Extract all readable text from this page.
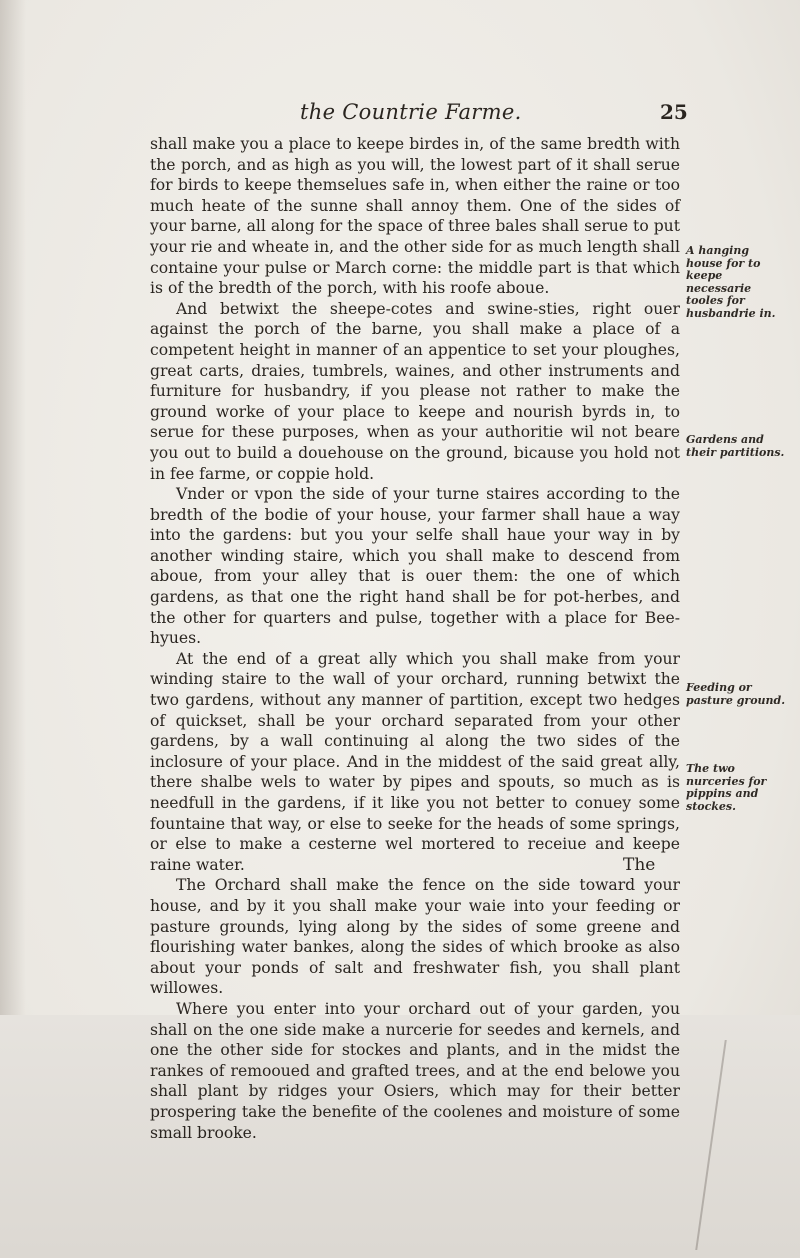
the Countrie Farme.	25

shall make you a place to keepe birdes in, of the same bredth with the porch, and as high as you will, the lowest part of it shall serue for birds to keepe themselues safe in, when either the raine or too much heate of the sunne shall annoy them. One of the sides of your barne, all along for the space of three bales shall serue to put your rie and wheate in, and the other side for as much length shall containe your pulse or March corne: the middle part is that which is of the bredth of the porch, with his roofe aboue.

And betwixt the sheepe-cotes and swine-sties, right ouer against the porch of the barne, you shall make a place of a competent height in manner of an appentice to set your ploughes, great carts, draies, tumbrels, waines, and other instruments and furniture for husbandry, if you please not rather to make the ground worke of your place to keepe and nourish byrds in, to serue for these purposes, when as your authoritie wil not beare you out to build a douehouse on the ground, bicause you hold not in fee farme, or coppie hold.

Vnder or vpon the side of your turne staires according to the bredth of the bodie of your house, your farmer shall haue a way into the gardens: but you your selfe shall haue your way in by another winding staire, which you shall make to descend from aboue, from your alley that is ouer them: the one of which gardens, as that one the right hand shall be for pot-herbes, and the other for quarters and pulse, together with a place for Bee-hyues.

At the end of a great ally which you shall make from your winding staire to the wall of your orchard, running betwixt the two gardens, without any manner of partition, except two hedges of quickset, shall be your orchard separated from your other gardens, by a wall continuing al along the two sides of the inclosure of your place. And in the middest of the said great ally, there shalbe wels to water by pipes and spouts, so much as is needfull in the gardens, if it like you not better to conuey some fountaine that way, or else to seeke for the heads of some springs, or else to make a cesterne wel mortered to receiue and keepe raine water.

The Orchard shall make the fence on the side toward your house, and by it you shall make your waie into your feeding or pasture grounds, lying along by the sides of some greene and flourishing water bankes, along the sides of which brooke as also about your ponds of salt and freshwater fish, you shall plant willowes.

Where you enter into your orchard out of your garden, you shall on the one side make a nurcerie for seedes and kernels, and one the other side for stockes and plants, and in the midst the rankes of remooued and grafted trees, and at the end belowe you shall plant by ridges your Osiers, which may for their better prospering take the benefite of the coolenes and moisture of some small brooke.

A hanging house for to keepe necessarie tooles for husbandrie in.
Gardens and their partitions.
Feeding or pasture ground.
The two nurceries for pippins and stockes.
The
